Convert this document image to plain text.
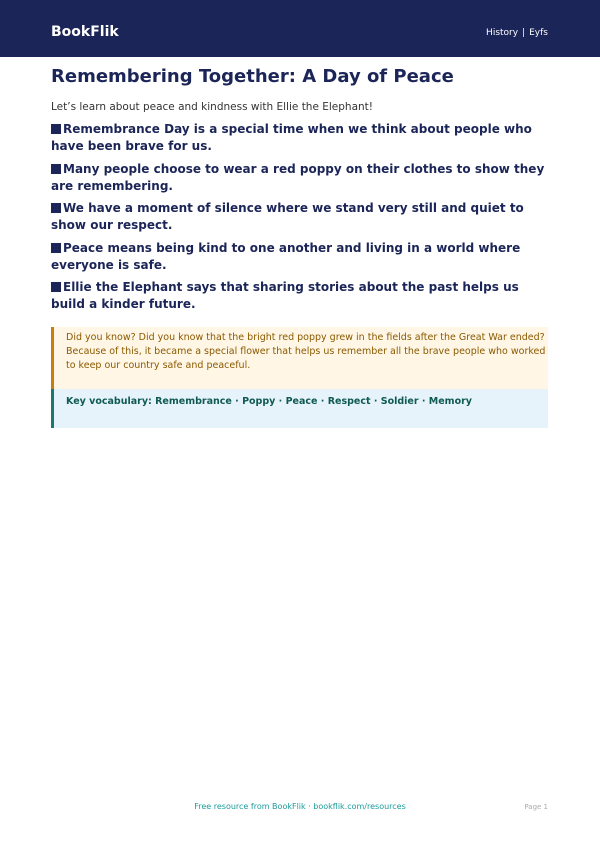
BookFlik	History | Eyfs
Remembering Together: A Day of Peace

Let’s learn about peace and kindness with Ellie the Elephant!

Remembrance Day is a special time when we think about people who have been brave for us.
Many people choose to wear a red poppy on their clothes to show they are remembering.
We have a moment of silence where we stand very still and quiet to show our respect.
Peace means being kind to one another and living in a world where everyone is safe.
Ellie the Elephant says that sharing stories about the past helps us build a kinder future.
Did you know? Did you know that the bright red poppy grew in the fields after the Great War ended? Because of this, it became a special flower that helps us remember all the brave people who worked to keep our country safe and peaceful.
Key vocabulary: Remembrance · Poppy · Peace · Respect · Soldier · Memory
Free resource from BookFlik · bookflik.com/resources	Page 1
